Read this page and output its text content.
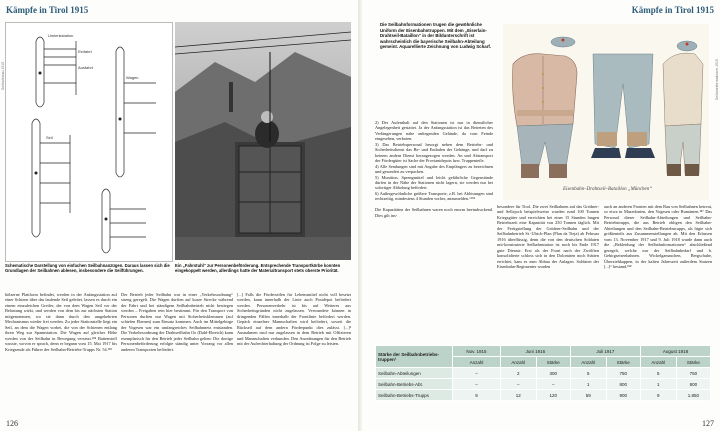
Kämpfe in Tirol 1915
Seilbahnbau 1915
Umlenkstation
Einfahrt
Ausfahrt
Wagen
Seil
Schematische Darstellung von einfachen Seilbahnanzügen. Daraus lassen sich die Grundlagen der Seilbahnen ablesen, insbesondere die Seilführungen.
Ein „Fahrstuhl“ zur Personenbeförderung. Entsprechende Transportkörbe konnten eingekoppelt werden, allerdings hatte der Materialtransport stets oberste Priorität.
hölzerne Plattform befindet, werden in der Anfangsstation auf einer Schiene über das laufende Seil geleitet, lassen es durch ein einem einzuleichen Greifer, der von dem Wagen Seil vor der Belastung wirkt, und werden von dem bis zur nächsten Station mitgenommen, wo sie dann durch den umgekehrten Mechanismus wieder frei werden. Zu jeder Stationstelle liegt ein Seil, an dem die Wagen vorbei, die von der Schienen entlang ihren Weg zur Spannstation. Die Wagen auf gleicher Höhe werden von der Seilbahn in Bewegung versetzt.¹⁸⁴ Battenstoff wusste, wovon er sprach, denn er begann vom 15. Mai 1917 bis Kriegsende als Führer der Seilbahn-Betriebs-Trupps Nr. 54.¹⁸⁵
Der Betrieb jeder Seilbahn war in einer „Verkehrsordnung“ streng geregelt. Die Wagen durften auf kurze Strecke während der Fahrt und bei ständigem Seilbahnbetrieb nicht bestiegen werden – Freigaben rein hier bestimmt. Für den Transport von Personen durften nur Wagen mit Sicherheitsklemmen (auf schiefen Ebenen) zum Einsatz kommen. Auch im Mittelgebirge der Vogesen war ein umfangreiches Seilbahnnetz entstanden. Die Verkehrsordnung der Drahtseilbahn Oo (Dahl-Ebreich) kann exemplarisch für den Betrieb jeder Seilbahn gelten: Die dortige Personenbeförderung erfolgte ständig unter Vorrang vor allen anderen Transporten befördert.
[...] Falls die Förderseilen für Lebensmittel nicht voll besetzt werden, kann innerhalb der Linie auch Postdepot befördert werden. Personenverkehr ist bis auf Weiteres aus Sicherheitsgründen nicht zugelassen. Verwundete können in dringenden Fällen innerhalb der Frontlinie befördert werden. Gepäck einzelner Mannschaften wird befördert, soweit die Rückseil auf dem andern Förderpunkt dies zulässt. [...]² Ausnahmen sind nur zugelassen in dem Betrieb mit Offizieren und Mannschaften verbunden. Den Anordnungen für den Betrieb mit der Aufrechterhaltung der Ordnung ist Folge zu leisten.
126
Kämpfe in Tirol 1915
Seilbahnformationen 1915
127
Die Seilbahnformationen trugen die gewöhnliche Uniform der Eisenbahntruppen. Mit dem „Eiserlain-Drahtseil-Bataillon“ in der Bildunterschrift ist wahrscheinlich die bayerische Seilbahn-Abteilung gemeint. Aquarellierte Zeichnung von Ludwig Scharf.
Eisenbahn–Drahtseil–Bataillon „München“
2) Der Aufenthalt auf den Stationen ist nur in dienstlicher Angelegenheit gestattet. Ja der Anfangsstation ist das Betreten des Verlängerungen nahe anliegenden Gelände, da vom Feinde eingesehen, verboten.
3) Das Betriebspersonal besorgt neben dem Betriebs- und Sicherheitsdienst das Be- und Entladen der Gehänge, und darf zu keinem andern Dienst herangezogen werden. An und Abtransport der Fördergüter ist Sache der Proviantdepots bzw. Truppenteile.
4) Alle Sendungen sind mit Angabe des Empfängers zu bezeichnen und gesondert zu verpacken.
5) Munition, Sprengmittel und leicht gefährliche Gegenstände dürfen in der Nähe der Stationen nicht lagern, sie werden nur bei sofortiger Abholung befördert.
6) Außergewöhnliche größere Transporte, z.B. bei Ablösungen sind rechtzeitig, mindestens 4 Stunden vorher, anzumelden.“¹⁸⁶

Die Kapazitäten der Seilbahnen waren noch enorm beeindruckend. Dies gilt ins-
besondere für Tirol. Die zwei Seilbahnen auf das Grödner- und Sellajoch beispielsweise wurden rund 100 Tonnen Kriegsgüter und erreichten bei einer 15 Stunden langen Betriebszeit eine Kapazität von 250 Tonnen täglich. Mit der Fertigstellung der Grödner-Seilbahn und der Seilbahnbetrieb St.-Ulrich-Plan (Plan da Tieja) ab Februar 1916 überflüssig, denn die von den deutschen Soldaten mit-konstruierte Seilbahnstation ist noch bis Ende 1917 gute Dienste. Erst als der Front nach der Zwölften konsolidierte schloss sich in den Dolomiten noch Stätten errichtet, kam es zum Abbau der Anlagen. Soldaten der Eisenbahn-Regimenter wurden
auch an anderen Fronten mit dem Bau von Seilbahnen betreut, so etwa in Mazedonien, den Vogesen oder Rumänien.¹⁸⁷ Das Personal dieser Seilbahn-Abteilungen und Seilbahn-Betriebstrupps, die aus Betrieb obligen den Seilbahn-Abteilungen und den Seilbahn-Betriebstrupps, als fügte sich größtenteils aus Zusammenstellungen ab. Mit den Erlassen vom 13. November 1917 und 9. Juli 1918 wurde dann auch die „Bekleidung der Seilbahnformationen“ abschließend geregelt, welche nur der Seilbahnbedarf und b. Gebirgseisenbahnen. Wickelgamaschen, Bergschuhe, Überziehkappen, in der kalten Jahreszeit außerdem Stutzen [...]“ bestand.¹⁸⁸
Stärke der Seilbahnbetriebs-truppen¹	Nov. 1915	Juni 1916		Juli 1917		August 1918	
	Anzahl	Anzahl	Stärke	Anzahl	Stärke	Anzahl	Stärke
Seilbahn-Abteilungen	–	2	300	5	750	5	750
Seilbahn-Betriebs-Abt.	–	–	–	1	800	1	800
Seilbahn-Betriebs-Trupps	9	12	120	59	900	9	1.850
